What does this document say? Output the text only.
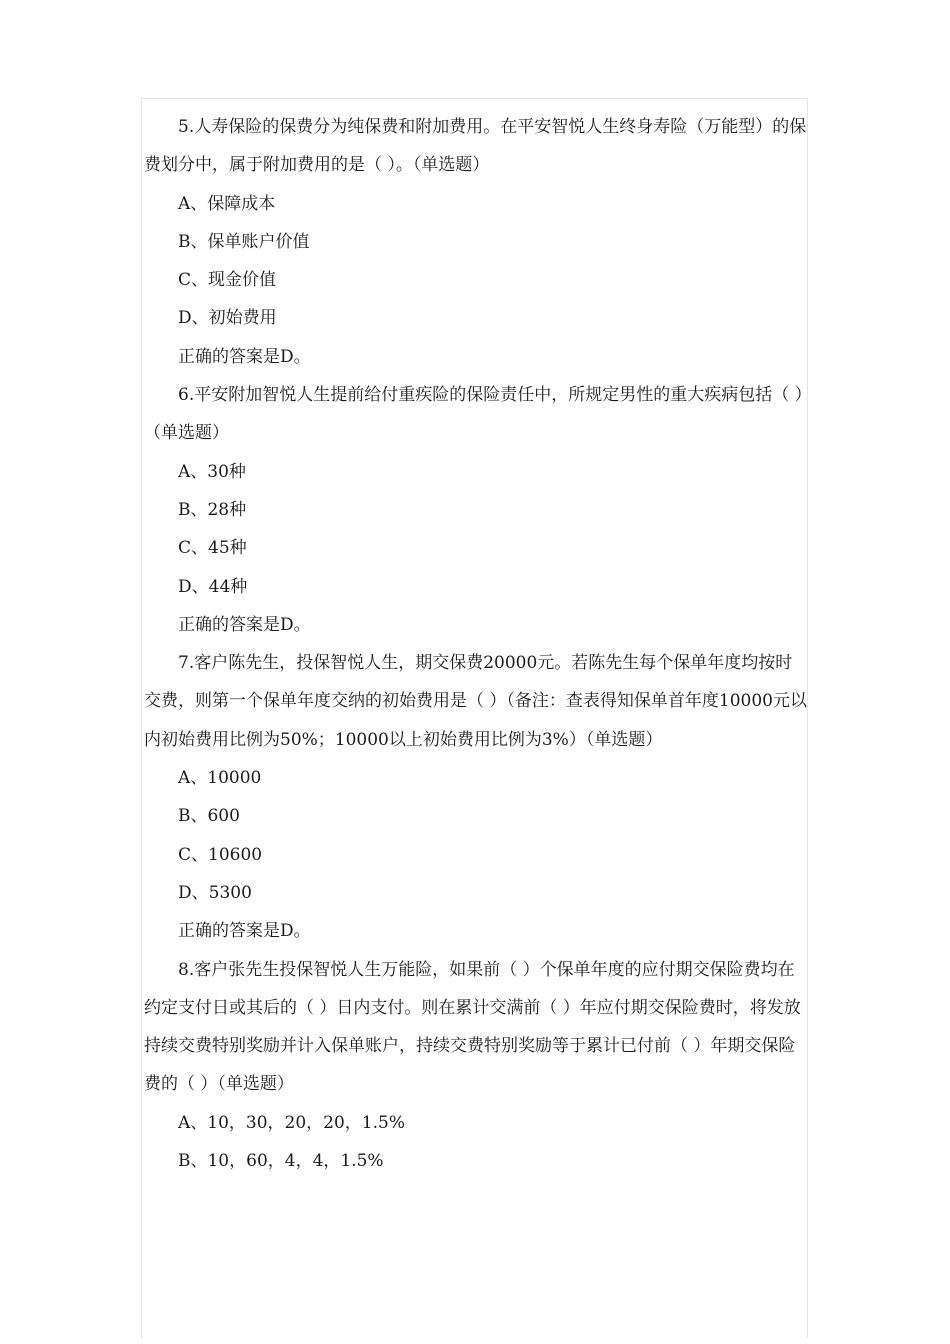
5.人寿保险的保费分为纯保费和附加费用。在平安智悦人生终身寿险（万能型）的保费划分中，属于附加费用的是（ ）。（单选题）
A、保障成本
B、保单账户价值
C、现金价值
D、初始费用
正确的答案是D。
6.平安附加智悦人生提前给付重疾险的保险责任中，所规定男性的重大疾病包括（ ）（单选题）
A、30种
B、28种
C、45种
D、44种
正确的答案是D。
7.客户陈先生，投保智悦人生，期交保费20000元。若陈先生每个保单年度均按时交费，则第一个保单年度交纳的初始费用是（ ）（备注：查表得知保单首年度10000元以内初始费用比例为50%；10000以上初始费用比例为3%）（单选题）
A、10000
B、600
C、10600
D、5300
正确的答案是D。
8.客户张先生投保智悦人生万能险，如果前（ ）个保单年度的应付期交保险费均在约定支付日或其后的（ ）日内支付。则在累计交满前（ ）年应付期交保险费时，将发放持续交费特别奖励并计入保单账户，持续交费特别奖励等于累计已付前（ ）年期交保险费的（ ）（单选题）
A、10，30，20，20，1.5%
B、10，60，4，4，1.5%
